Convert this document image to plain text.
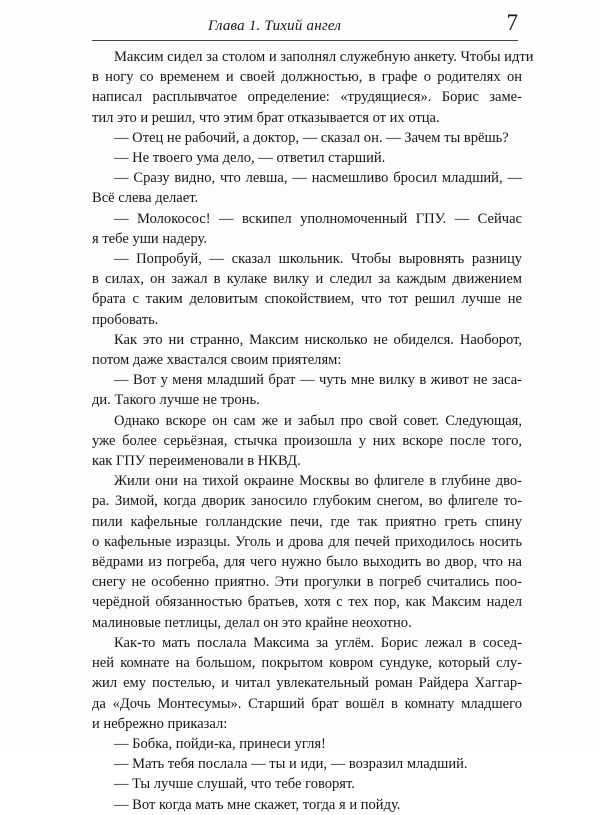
Глава 1. Тихий ангел	7
Максим сидел за столом и заполнял служебную анкету. Чтобы идти
в ногу со временем и своей должностью, в графе о родителях он
написал расплывчатое определение: «трудящиеся». Борис заме-
тил это и решил, что этим брат отказывается от их отца.
— Отец не рабочий, а доктор, — сказал он. — Зачем ты врёшь?
— Не твоего ума дело, — ответил старший.
— Сразу видно, что левша, — насмешливо бросил младший, —
Всё слева делает.
— Молокосос! — вскипел уполномоченный ГПУ. — Сейчас
я тебе уши надеру.
— Попробуй, — сказал школьник. Чтобы выровнять разницу
в силах, он зажал в кулаке вилку и следил за каждым движением
брата с таким деловитым спокойствием, что тот решил лучше не
пробовать.
Как это ни странно, Максим нисколько не обиделся. Наоборот,
потом даже хвастался своим приятелям:
— Вот у меня младший брат — чуть мне вилку в живот не заса-
ди. Такого лучше не тронь.
Однако вскоре он сам же и забыл про свой совет. Следующая,
уже более серьёзная, стычка произошла у них вскоре после того,
как ГПУ переименовали в НКВД.
Жили они на тихой окраине Москвы во флигеле в глубине дво-
ра. Зимой, когда дворик заносило глубоким снегом, во флигеле то-
пили кафельные голландские печи, где так приятно греть спину
о кафельные изразцы. Уголь и дрова для печей приходилось носить
вёдрами из погреба, для чего нужно было выходить во двор, что на
снегу не особенно приятно. Эти прогулки в погреб считались поо-
черёдной обязанностью братьев, хотя с тех пор, как Максим надел
малиновые петлицы, делал он это крайне неохотно.
Как-то мать послала Максима за углём. Борис лежал в сосед-
ней комнате на большом, покрытом ковром сундуке, который слу-
жил ему постелью, и читал увлекательный роман Райдера Хаггар-
да «Дочь Монтесумы». Старший брат вошёл в комнату младшего
и небрежно приказал:
— Бобка, пойди-ка, принеси угля!
— Мать тебя послала — ты и иди, — возразил младший.
— Ты лучше слушай, что тебе говорят.
— Вот когда мать мне скажет, тогда я и пойду.
